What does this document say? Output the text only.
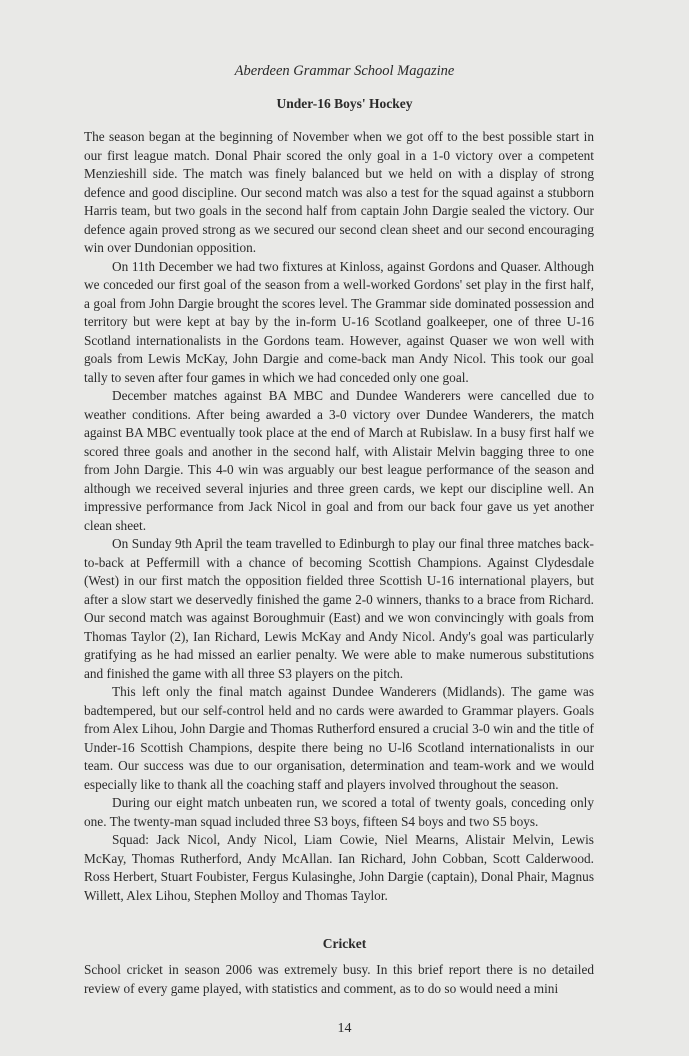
Aberdeen Grammar School Magazine
Under-16 Boys' Hockey

The season began at the beginning of November when we got off to the best possible start in our first league match. Donal Phair scored the only goal in a 1-0 victory over a competent Menzieshill side. The match was finely balanced but we held on with a display of strong defence and good discipline. Our second match was also a test for the squad against a stubborn Harris team, but two goals in the second half from captain John Dargie sealed the victory. Our defence again proved strong as we secured our second clean sheet and our second encouraging win over Dundonian opposition.

On 11th December we had two fixtures at Kinloss, against Gordons and Quaser. Although we conceded our first goal of the season from a well-worked Gordons' set play in the first half, a goal from John Dargie brought the scores level. The Grammar side dominated possession and territory but were kept at bay by the in-form U-16 Scotland goalkeeper, one of three U-16 Scotland internationalists in the Gordons team. However, against Quaser we won well with goals from Lewis McKay, John Dargie and come-back man Andy Nicol. This took our goal tally to seven after four games in which we had conceded only one goal.

December matches against BA MBC and Dundee Wanderers were cancelled due to weather conditions. After being awarded a 3-0 victory over Dundee Wanderers, the match against BA MBC eventually took place at the end of March at Rubislaw. In a busy first half we scored three goals and another in the second half, with Alistair Melvin bagging three to one from John Dargie. This 4-0 win was arguably our best league performance of the season and although we received several injuries and three green cards, we kept our discipline well. An impressive performance from Jack Nicol in goal and from our back four gave us yet another clean sheet.

On Sunday 9th April the team travelled to Edinburgh to play our final three matches back-to-back at Peffermill with a chance of becoming Scottish Champions. Against Clydesdale (West) in our first match the opposition fielded three Scottish U-16 international players, but after a slow start we deservedly finished the game 2-0 winners, thanks to a brace from Richard. Our second match was against Boroughmuir (East) and we won convincingly with goals from Thomas Taylor (2), Ian Richard, Lewis McKay and Andy Nicol. Andy's goal was particularly gratifying as he had missed an earlier penalty. We were able to make numerous substitutions and finished the game with all three S3 players on the pitch.

This left only the final match against Dundee Wanderers (Midlands). The game was badtempered, but our self-control held and no cards were awarded to Grammar players. Goals from Alex Lihou, John Dargie and Thomas Rutherford ensured a crucial 3-0 win and the title of Under-16 Scottish Champions, despite there being no U-l6 Scotland internationalists in our team. Our success was due to our organisation, determination and team-work and we would especially like to thank all the coaching staff and players involved throughout the season.

During our eight match unbeaten run, we scored a total of twenty goals, conceding only one. The twenty-man squad included three S3 boys, fifteen S4 boys and two S5 boys.

Squad: Jack Nicol, Andy Nicol, Liam Cowie, Niel Mearns, Alistair Melvin, Lewis McKay, Thomas Rutherford, Andy McAllan. Ian Richard, John Cobban, Scott Calderwood. Ross Herbert, Stuart Foubister, Fergus Kulasinghe, John Dargie (captain), Donal Phair, Magnus Willett, Alex Lihou, Stephen Molloy and Thomas Taylor.

Cricket

School cricket in season 2006 was extremely busy. In this brief report there is no detailed review of every game played, with statistics and comment, as to do so would need a mini

14
